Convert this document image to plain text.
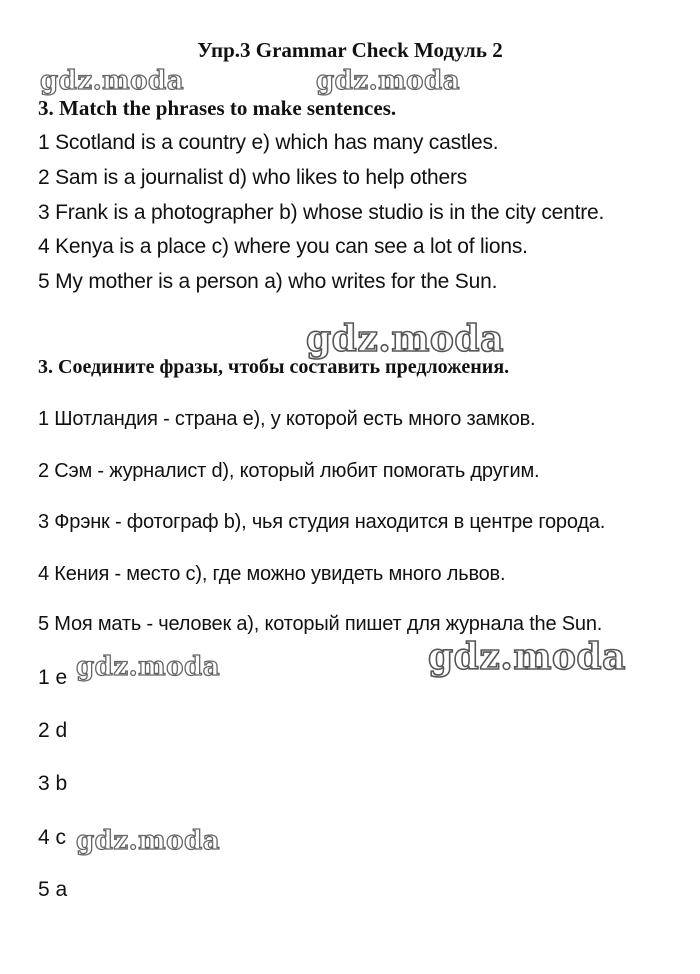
Упр.3 Grammar Check Модуль 2
gdz.moda	gdz.moda
3. Match the phrases to make sentences.
1 Scotland is a country e) which has many castles.
2 Sam is a journalist d) who likes to help others
3 Frank is a photographer b) whose studio is in the city centre.
4 Kenya is a place c) where you can see a lot of lions.
5 My mother is a person a) who writes for the Sun.
gdz.moda
3. Соедините фразы, чтобы составить предложения.
1 Шотландия - страна e), у которой есть много замков.
2 Сэм - журналист d), который любит помогать другим.
3 Фрэнк - фотограф b), чья студия находится в центре города.
4 Кения - место c), где можно увидеть много львов.
5 Моя мать - человек a), который пишет для журнала the Sun.
gdz.moda
1 e gdz.moda
2 d
3 b
4 c gdz.moda
5 a
